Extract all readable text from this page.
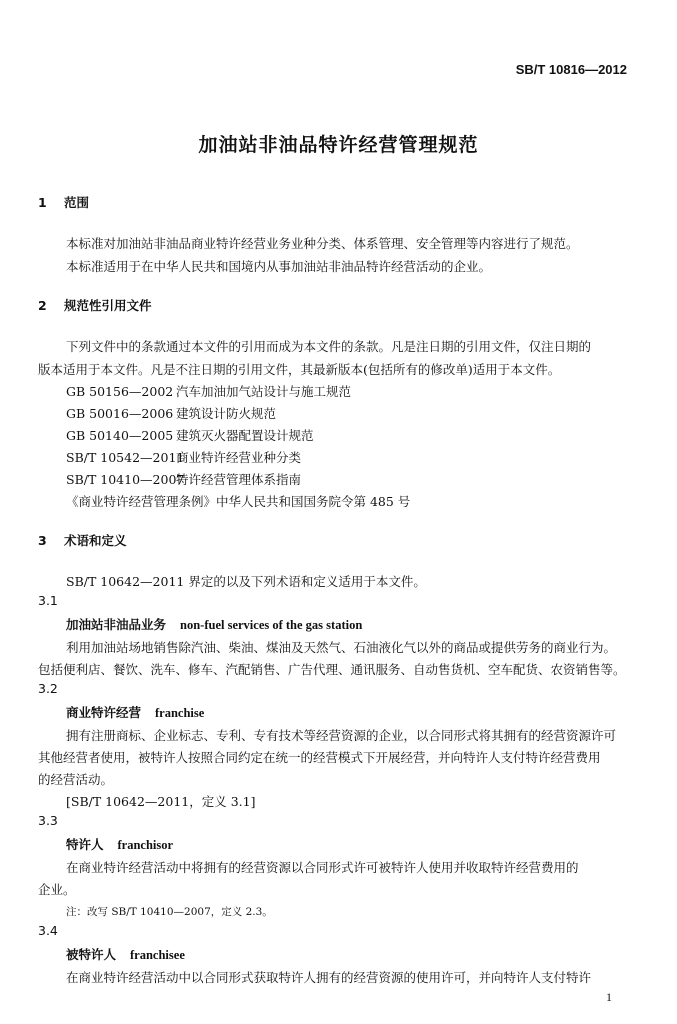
SB/T 10816—2012
加油站非油品特许经营管理规范
1 范围
本标准对加油站非油品商业特许经营业务业种分类、体系管理、安全管理等内容进行了规范。
本标准适用于在中华人民共和国境内从事加油站非油品特许经营活动的企业。
2 规范性引用文件
下列文件中的条款通过本文件的引用而成为本文件的条款。凡是注日期的引用文件，仅注日期的
版本适用于本文件。凡是不注日期的引用文件，其最新版本(包括所有的修改单)适用于本文件。
GB 50156—2002 汽车加油加气站设计与施工规范
GB 50016—2006 建筑设计防火规范
GB 50140—2005 建筑灭火器配置设计规范
SB/T 10542—2011商业特许经营业种分类
SB/T 10410—2007特许经营管理体系指南
《商业特许经营管理条例》中华人民共和国国务院令第 485 号
3 术语和定义
SB/T 10642—2011 界定的以及下列术语和定义适用于本文件。
3.1
加油站非油品业务 non-fuel services of the gas station
利用加油站场地销售除汽油、柴油、煤油及天然气、石油液化气以外的商品或提供劳务的商业行为。
包括便利店、餐饮、洗车、修车、汽配销售、广告代理、通讯服务、自动售货机、空车配货、农资销售等。
3.2
商业特许经营 franchise
拥有注册商标、企业标志、专利、专有技术等经营资源的企业，以合同形式将其拥有的经营资源许可
其他经营者使用，被特许人按照合同约定在统一的经营模式下开展经营，并向特许人支付特许经营费用
的经营活动。
[SB/T 10642—2011，定义 3.1]
3.3
特许人 franchisor
在商业特许经营活动中将拥有的经营资源以合同形式许可被特许人使用并收取特许经营费用的
企业。
注：改写 SB/T 10410—2007，定义 2.3。
3.4
被特许人 franchisee
在商业特许经营活动中以合同形式获取特许人拥有的经营资源的使用许可，并向特许人支付特许
1
